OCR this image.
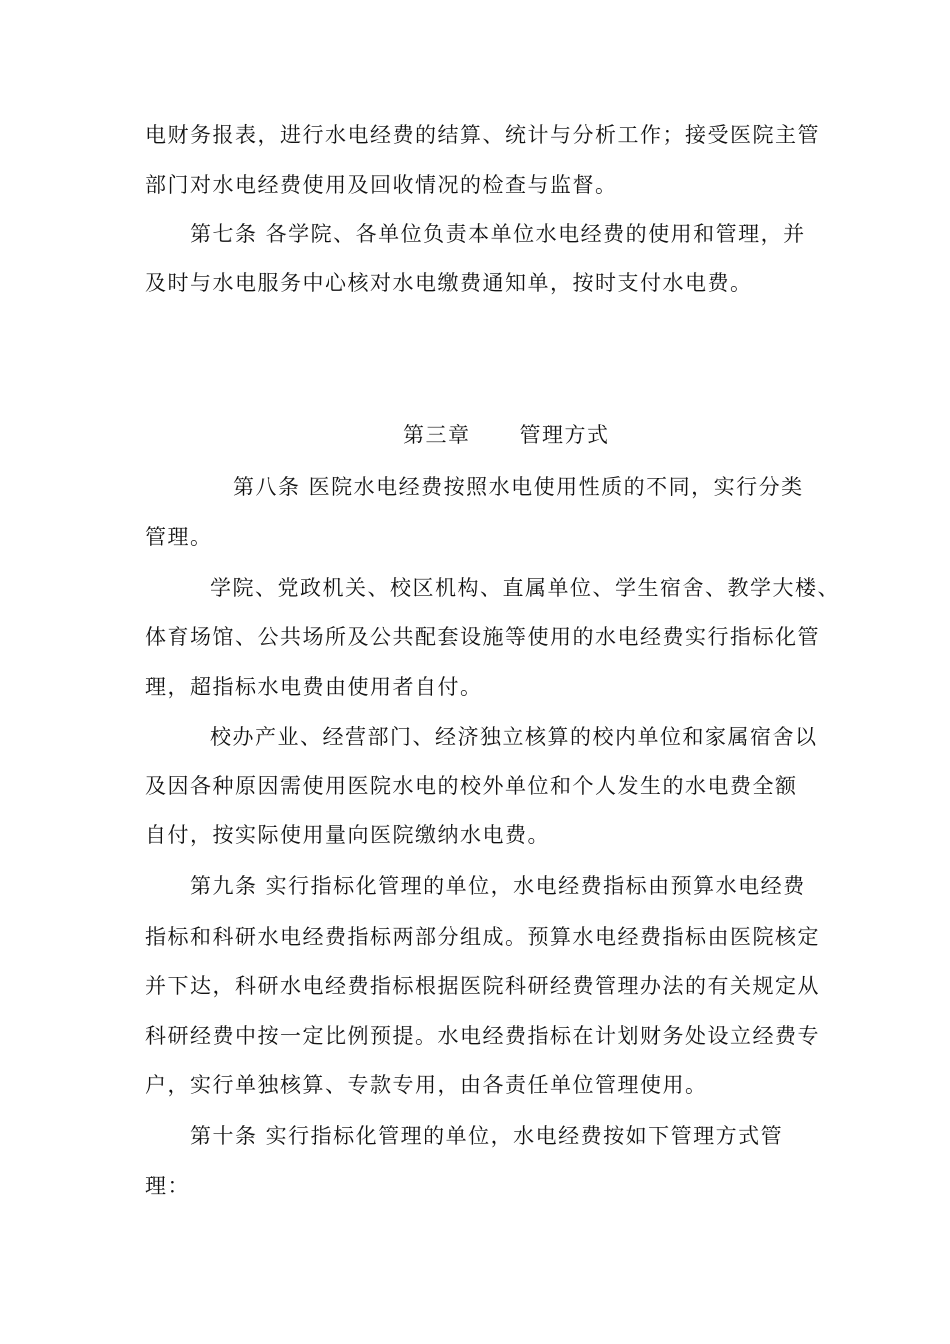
电财务报表，进行水电经费的结算、统计与分析工作；接受医院主管
部门对水电经费使用及回收情况的检查与监督。
第七条 各学院、各单位负责本单位水电经费的使用和管理，并
及时与水电服务中心核对水电缴费通知单，按时支付水电费。
第三章      管理方式
第八条 医院水电经费按照水电使用性质的不同，实行分类
管理。
学院、党政机关、校区机构、直属单位、学生宿舍、教学大楼、
体育场馆、公共场所及公共配套设施等使用的水电经费实行指标化管
理，超指标水电费由使用者自付。
校办产业、经营部门、经济独立核算的校内单位和家属宿舍以
及因各种原因需使用医院水电的校外单位和个人发生的水电费全额
自付，按实际使用量向医院缴纳水电费。
第九条 实行指标化管理的单位，水电经费指标由预算水电经费
指标和科研水电经费指标两部分组成。预算水电经费指标由医院核定
并下达，科研水电经费指标根据医院科研经费管理办法的有关规定从
科研经费中按一定比例预提。水电经费指标在计划财务处设立经费专
户，实行单独核算、专款专用，由各责任单位管理使用。
第十条 实行指标化管理的单位，水电经费按如下管理方式管
理：
